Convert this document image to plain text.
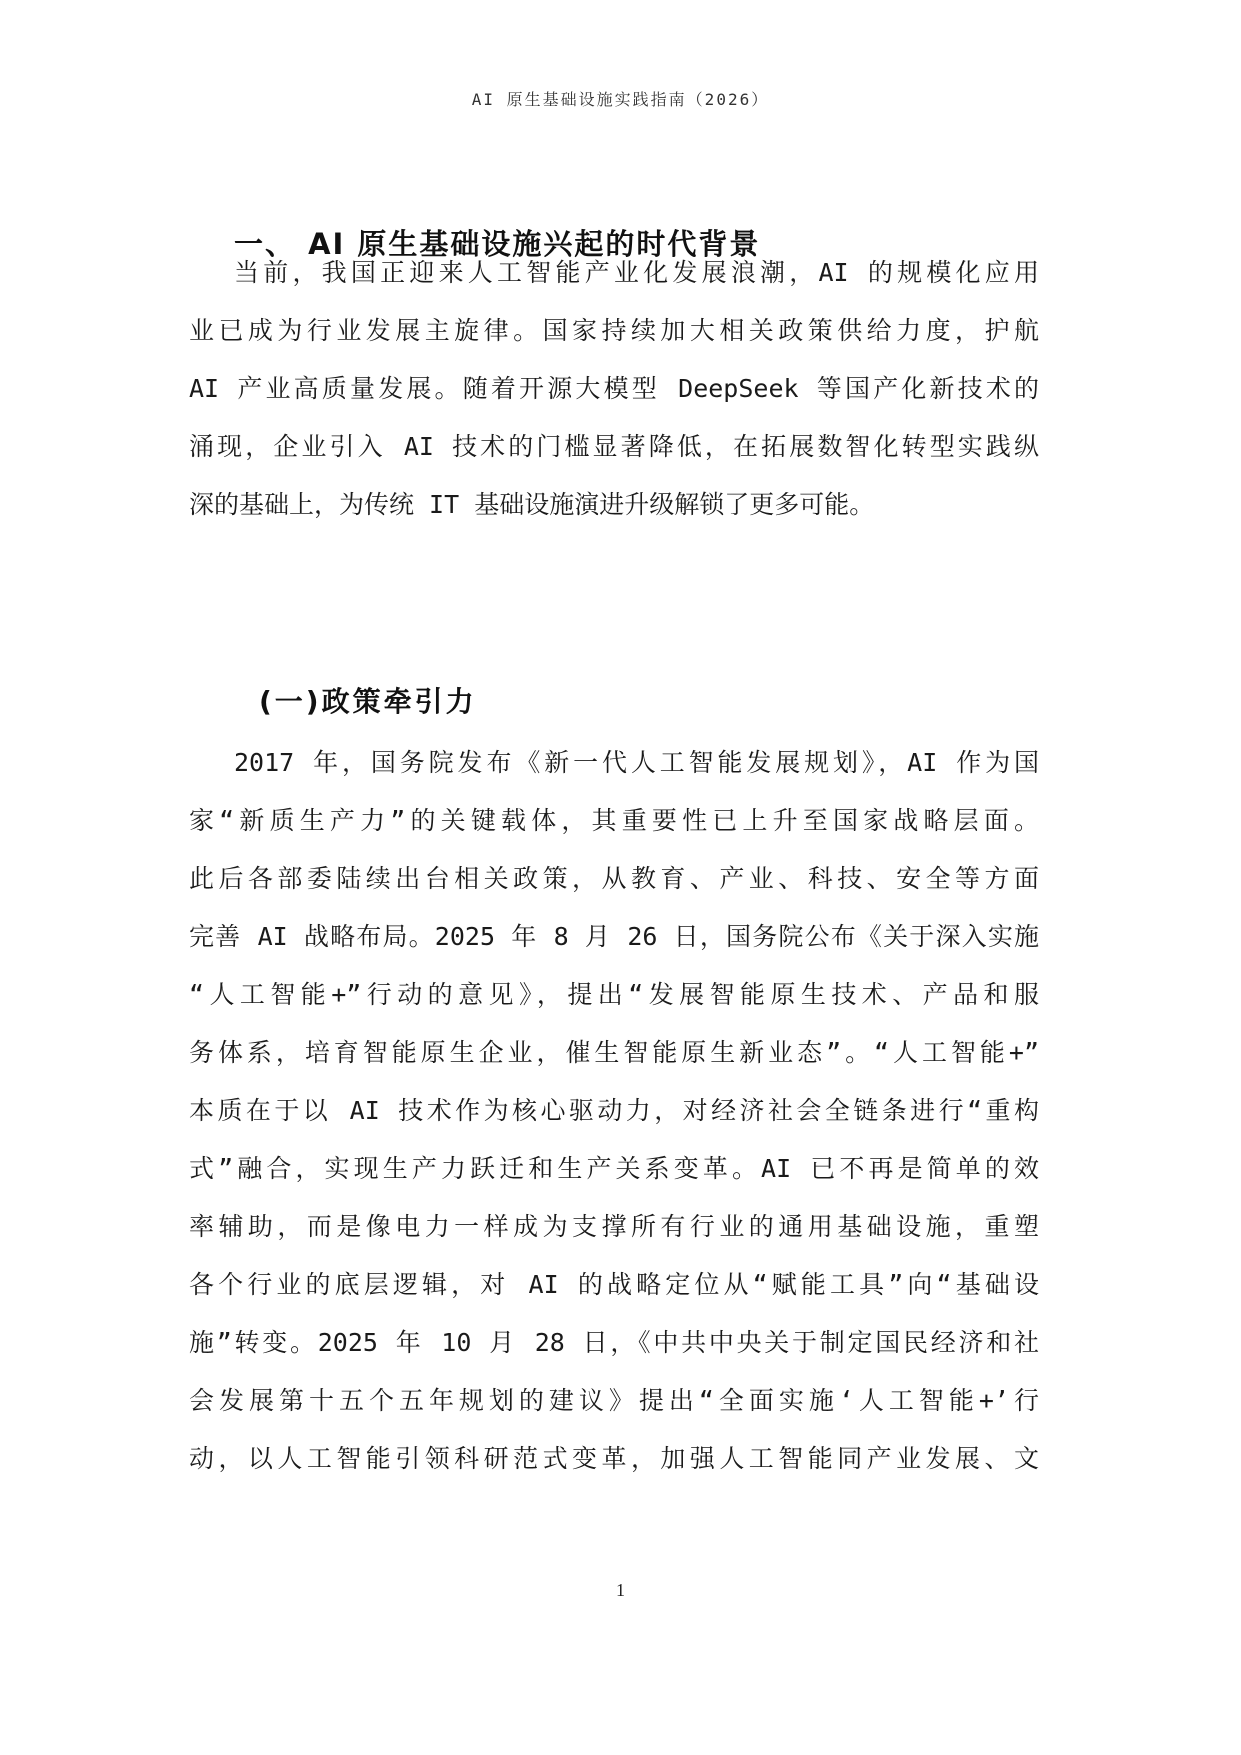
AI 原生基础设施实践指南（2026）
一、 AI 原生基础设施兴起的时代背景
当前，我国正迎来人工智能产业化发展浪潮，AI 的规模化应用
业已成为行业发展主旋律。国家持续加大相关政策供给力度，护航
AI 产业高质量发展。随着开源大模型 DeepSeek 等国产化新技术的
涌现，企业引入 AI 技术的门槛显著降低，在拓展数智化转型实践纵
深的基础上，为传统 IT 基础设施演进升级解锁了更多可能。
(一)政策牵引力
2017 年，国务院发布《新一代人工智能发展规划》，AI 作为国
家“新质生产力”的关键载体，其重要性已上升至国家战略层面。
此后各部委陆续出台相关政策，从教育、产业、科技、安全等方面
完善 AI 战略布局。2025 年 8 月 26 日，国务院公布《关于深入实施
“人工智能+”行动的意见》，提出“发展智能原生技术、产品和服
务体系，培育智能原生企业，催生智能原生新业态”。“人工智能+”
本质在于以 AI 技术作为核心驱动力，对经济社会全链条进行“重构
式”融合，实现生产力跃迁和生产关系变革。AI 已不再是简单的效
率辅助，而是像电力一样成为支撑所有行业的通用基础设施，重塑
各个行业的底层逻辑，对 AI 的战略定位从“赋能工具”向“基础设
施”转变。2025 年 10 月 28 日，《中共中央关于制定国民经济和社
会发展第十五个五年规划的建议》提出“全面实施‘人工智能+’行
动，以人工智能引领科研范式变革，加强人工智能同产业发展、文
1
